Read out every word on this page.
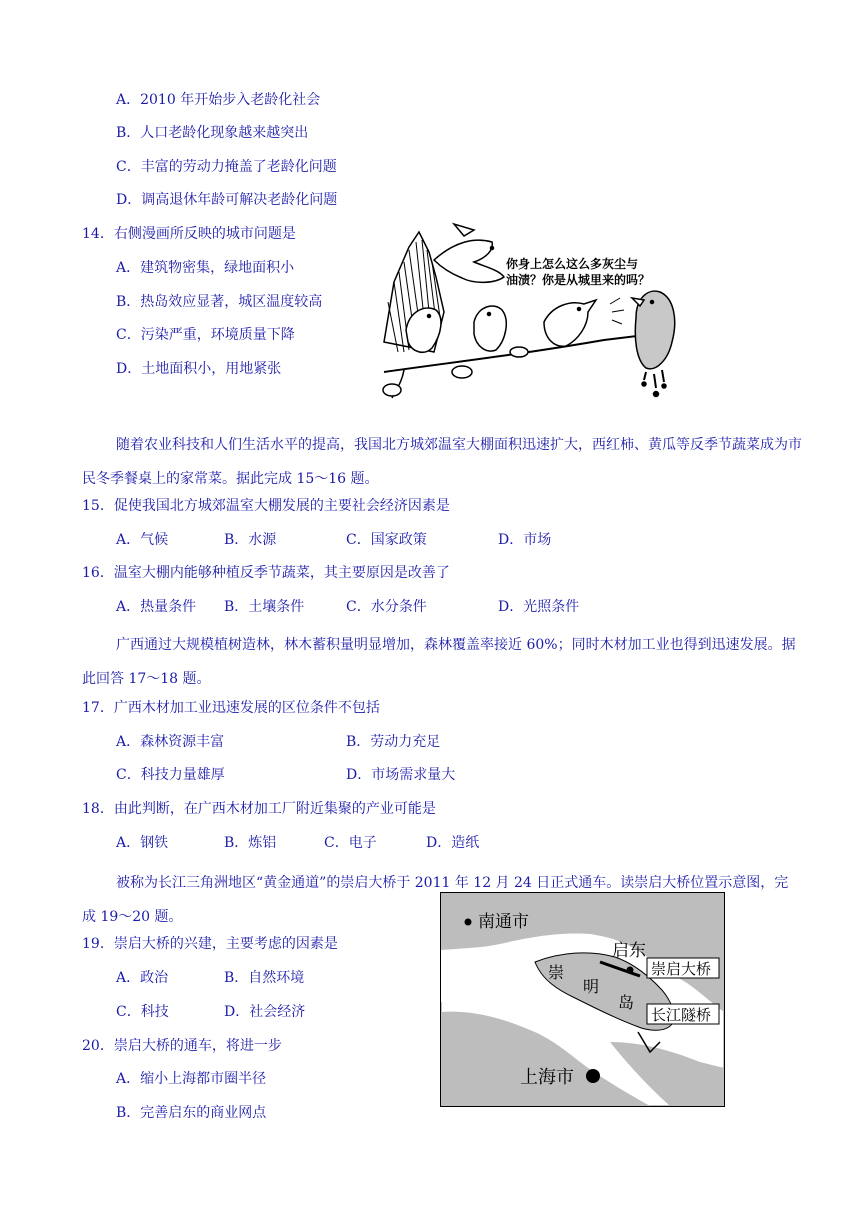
A．2010 年开始步入老龄化社会
B．人口老龄化现象越来越突出
C．丰富的劳动力掩盖了老龄化问题
D．调高退休年龄可解决老龄化问题
14．右侧漫画所反映的城市问题是
A．建筑物密集，绿地面积小
B．热岛效应显著，城区温度较高
C．污染严重，环境质量下降
D．土地面积小，用地紧张
你身上怎么这么多灰尘与
油渍？你是从城里来的吗？
随着农业科技和人们生活水平的提高，我国北方城郊温室大棚面积迅速扩大，西红柿、黄瓜等反季节蔬菜成为市民冬季餐桌上的家常菜。据此完成 15～16 题。
15．促使我国北方城郊温室大棚发展的主要社会经济因素是
A．气候	B．水源	C．国家政策	D．市场
16．温室大棚内能够种植反季节蔬菜，其主要原因是改善了
A．热量条件 B．土壤条件	C．水分条件	D．光照条件
广西通过大规模植树造林，林木蓄积量明显增加，森林覆盖率接近 60%；同时木材加工业也得到迅速发展。据此回答 17～18 题。
17．广西木材加工业迅速发展的区位条件不包括
A．森林资源丰富	B．劳动力充足
C．科技力量雄厚	D．市场需求量大
18．由此判断，在广西木材加工厂附近集聚的产业可能是
A．钢铁	B．炼铝	C．电子	D．造纸
被称为长江三角洲地区“黄金通道”的崇启大桥于 2011 年 12 月 24 日正式通车。读崇启大桥位置示意图，完成 19～20 题。
19．崇启大桥的兴建，主要考虑的因素是
A．政治	B．自然环境
C．科技	D．社会经济
20．崇启大桥的通车，将进一步
A．缩小上海都市圈半径
B．完善启东的商业网点
南通市
启东
崇
明
岛
崇启大桥
长江隧桥
上海市
